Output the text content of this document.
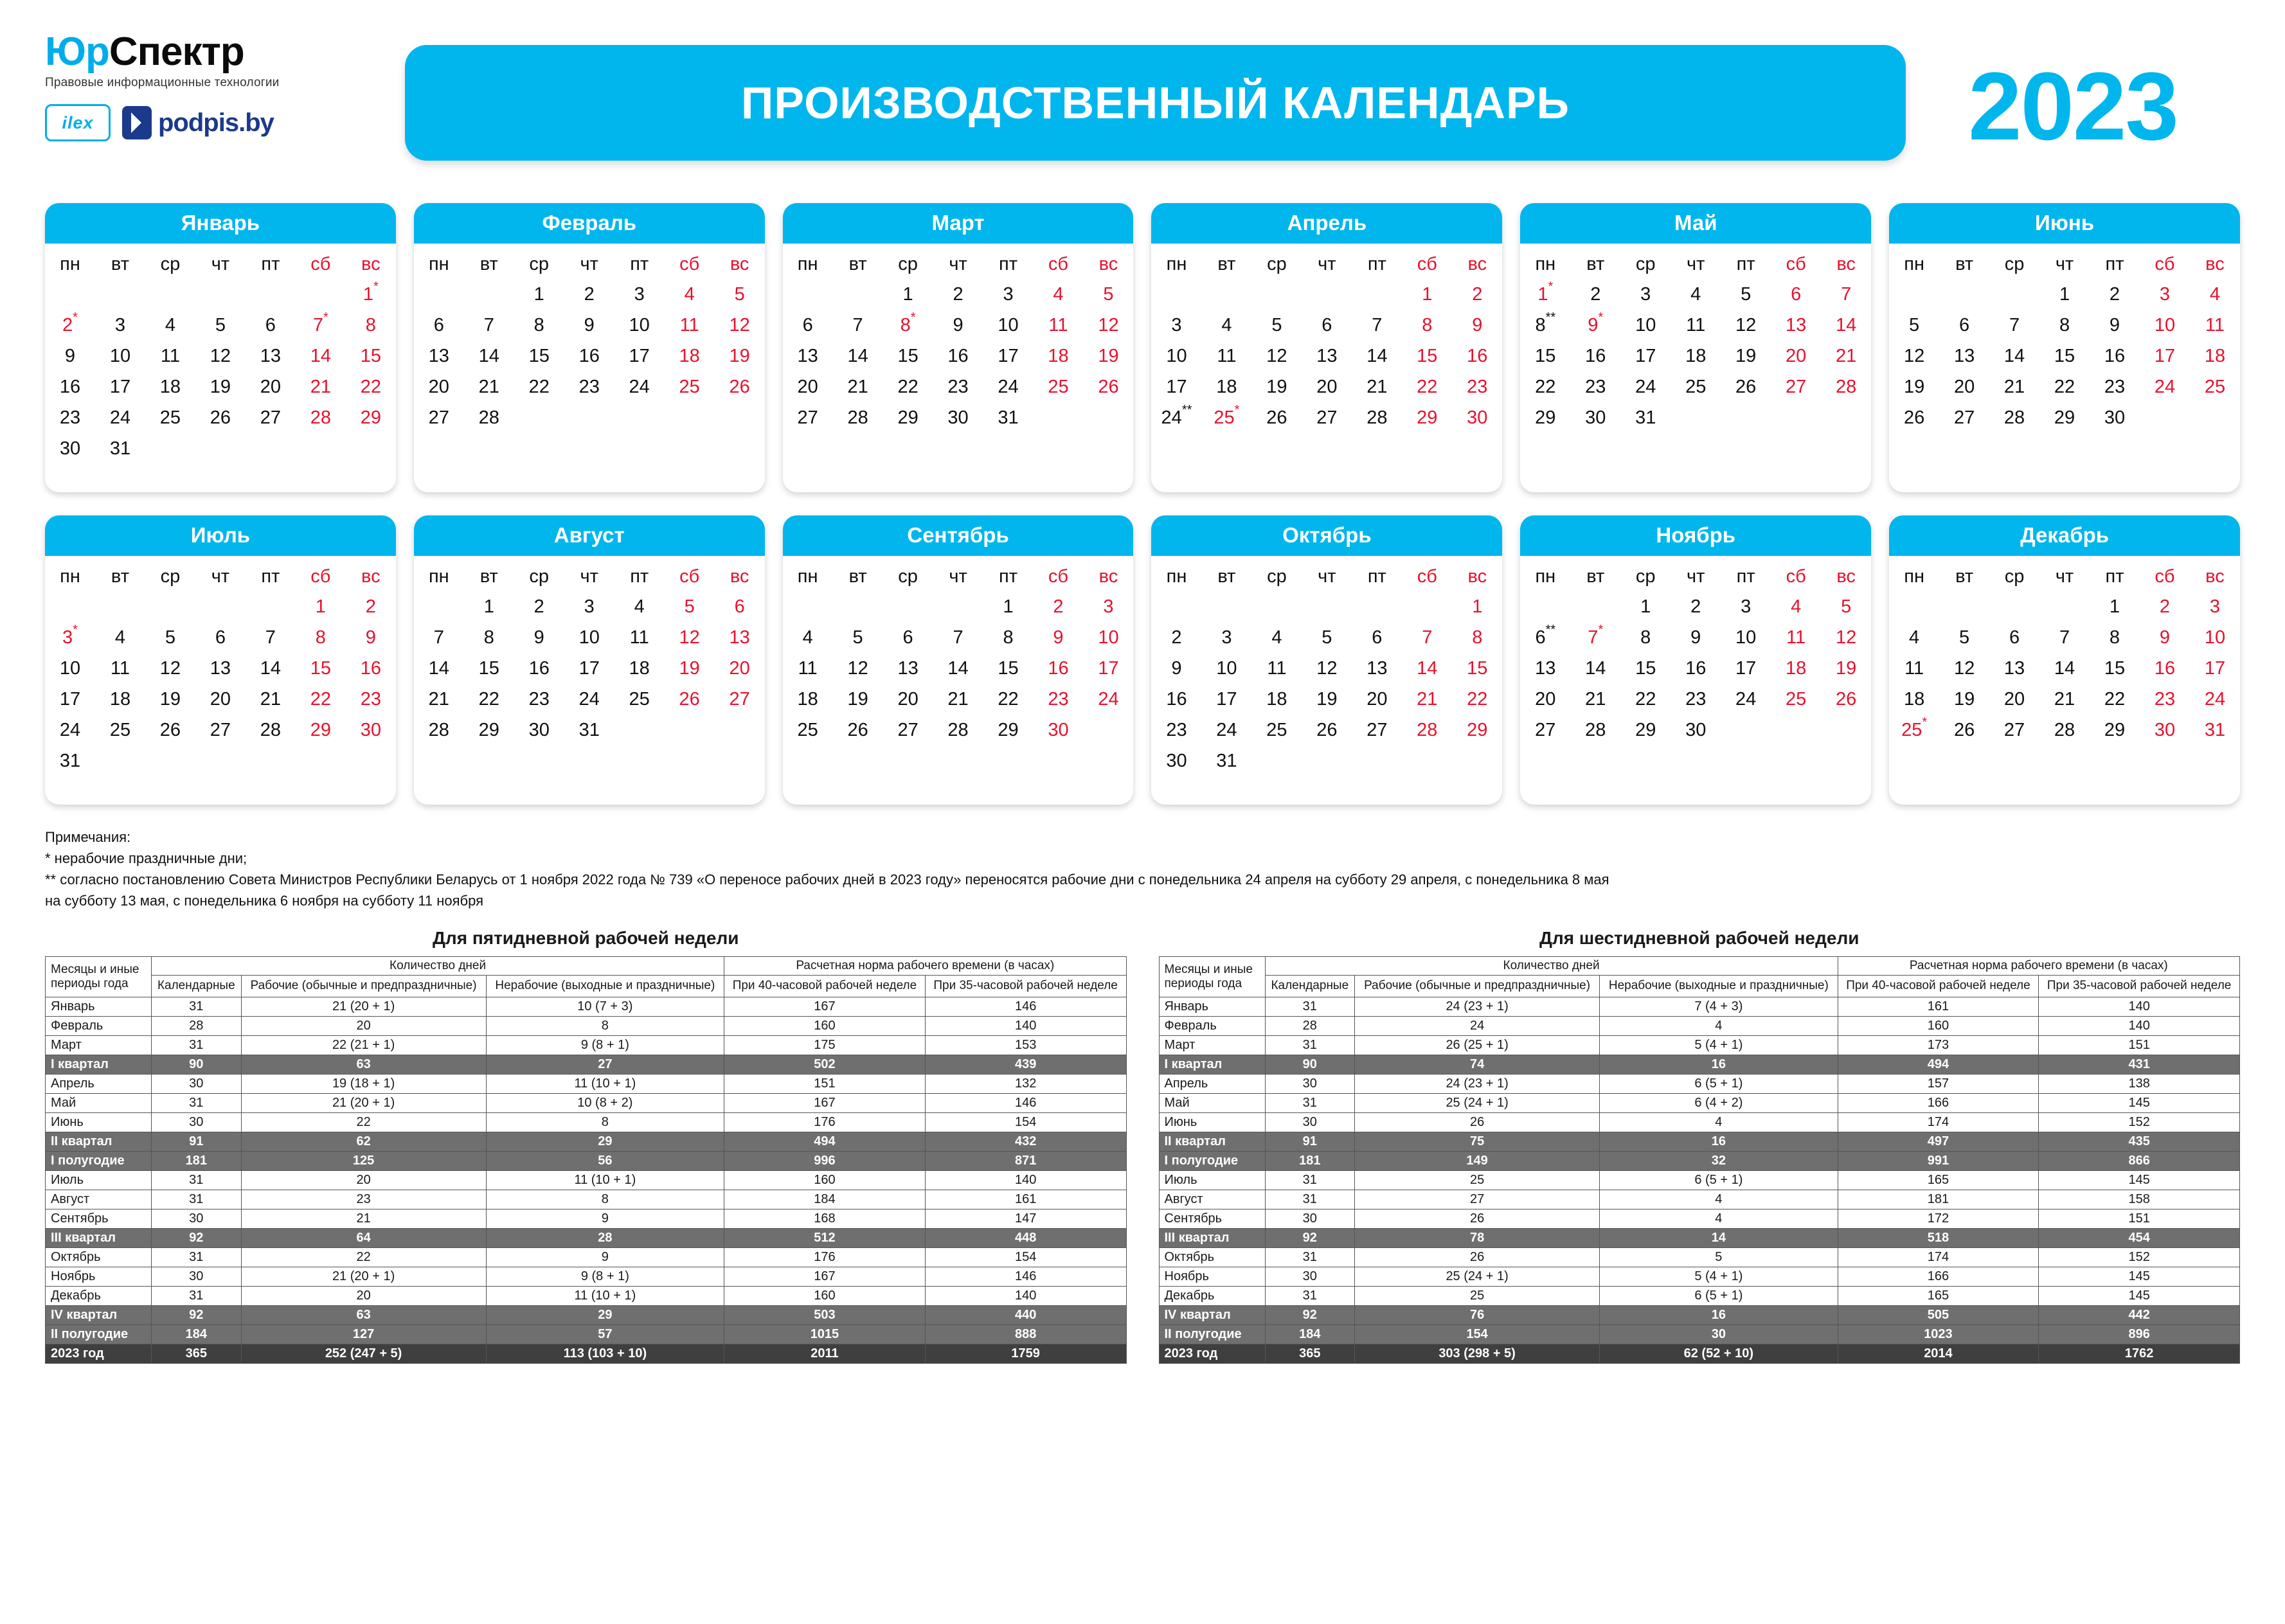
ЮрСпектр
Правовые информационные технологии
ilex	podpis.by	ПРОИЗВОДСТВЕННЫЙ КАЛЕНДАРЬ	2023
Январь
пн	вт	ср	чт	пт	сб	вс
						1*
2*	3	4	5	6	7*	8
9	10	11	12	13	14	15
16	17	18	19	20	21	22
23	24	25	26	27	28	29
30	31					
Февраль
пн	вт	ср	чт	пт	сб	вс
		1	2	3	4	5
6	7	8	9	10	11	12
13	14	15	16	17	18	19
20	21	22	23	24	25	26
27	28					
Март
пн	вт	ср	чт	пт	сб	вс
		1	2	3	4	5
6	7	8*	9	10	11	12
13	14	15	16	17	18	19
20	21	22	23	24	25	26
27	28	29	30	31		
Апрель
пн	вт	ср	чт	пт	сб	вс
					1	2
3	4	5	6	7	8	9
10	11	12	13	14	15	16
17	18	19	20	21	22	23
24**	25*	26	27	28	29	30
Май
пн	вт	ср	чт	пт	сб	вс
1*	2	3	4	5	6	7
8**	9*	10	11	12	13	14
15	16	17	18	19	20	21
22	23	24	25	26	27	28
29	30	31				
Июнь
пн	вт	ср	чт	пт	сб	вс
			1	2	3	4
5	6	7	8	9	10	11
12	13	14	15	16	17	18
19	20	21	22	23	24	25
26	27	28	29	30		
Июль
пн	вт	ср	чт	пт	сб	вс
					1	2
3*	4	5	6	7	8	9
10	11	12	13	14	15	16
17	18	19	20	21	22	23
24	25	26	27	28	29	30
31						
Август
пн	вт	ср	чт	пт	сб	вс
	1	2	3	4	5	6
7	8	9	10	11	12	13
14	15	16	17	18	19	20
21	22	23	24	25	26	27
28	29	30	31			
Сентябрь
пн	вт	ср	чт	пт	сб	вс
				1	2	3
4	5	6	7	8	9	10
11	12	13	14	15	16	17
18	19	20	21	22	23	24
25	26	27	28	29	30	
Октябрь
пн	вт	ср	чт	пт	сб	вс
						1
2	3	4	5	6	7	8
9	10	11	12	13	14	15
16	17	18	19	20	21	22
23	24	25	26	27	28	29
30	31					
Ноябрь
пн	вт	ср	чт	пт	сб	вс
		1	2	3	4	5
6**	7*	8	9	10	11	12
13	14	15	16	17	18	19
20	21	22	23	24	25	26
27	28	29	30			
Декабрь
пн	вт	ср	чт	пт	сб	вс
				1	2	3
4	5	6	7	8	9	10
11	12	13	14	15	16	17
18	19	20	21	22	23	24
25*	26	27	28	29	30	31
Примечания:
* нерабочие праздничные дни;
** согласно постановлению Совета Министров Республики Беларусь от 1 ноября 2022 года № 739 «О переносе рабочих дней в 2023 году» переносятся рабочие дни с понедельника 24 апреля на субботу 29 апреля, с понедельника 8 мая
на субботу 13 мая, с понедельника 6 ноября на субботу 11 ноября
Для пятидневной рабочей недели
Месяцы и иные периоды года	Количество дней			Расчетная норма рабочего времени (в часах)	
	Календарные	Рабочие (обычные и предпраздничные)	Нерабочие (выходные и праздничные)	При 40-часовой рабочей неделе	При 35-часовой рабочей неделе
Январь	31	21 (20 + 1)	10 (7 + 3)	167	146
Февраль	28	20	8	160	140
Март	31	22 (21 + 1)	9 (8 + 1)	175	153
I квартал	90	63	27	502	439
Апрель	30	19 (18 + 1)	11 (10 + 1)	151	132
Май	31	21 (20 + 1)	10 (8 + 2)	167	146
Июнь	30	22	8	176	154
II квартал	91	62	29	494	432
I полугодие	181	125	56	996	871
Июль	31	20	11 (10 + 1)	160	140
Август	31	23	8	184	161
Сентябрь	30	21	9	168	147
III квартал	92	64	28	512	448
Октябрь	31	22	9	176	154
Ноябрь	30	21 (20 + 1)	9 (8 + 1)	167	146
Декабрь	31	20	11 (10 + 1)	160	140
IV квартал	92	63	29	503	440
II полугодие	184	127	57	1015	888
2023 год	365	252 (247 + 5)	113 (103 + 10)	2011	1759
Для шестидневной рабочей недели
Месяцы и иные периоды года	Количество дней			Расчетная норма рабочего времени (в часах)	
	Календарные	Рабочие (обычные и предпраздничные)	Нерабочие (выходные и праздничные)	При 40-часовой рабочей неделе	При 35-часовой рабочей неделе
Январь	31	24 (23 + 1)	7 (4 + 3)	161	140
Февраль	28	24	4	160	140
Март	31	26 (25 + 1)	5 (4 + 1)	173	151
I квартал	90	74	16	494	431
Апрель	30	24 (23 + 1)	6 (5 + 1)	157	138
Май	31	25 (24 + 1)	6 (4 + 2)	166	145
Июнь	30	26	4	174	152
II квартал	91	75	16	497	435
I полугодие	181	149	32	991	866
Июль	31	25	6 (5 + 1)	165	145
Август	31	27	4	181	158
Сентябрь	30	26	4	172	151
III квартал	92	78	14	518	454
Октябрь	31	26	5	174	152
Ноябрь	30	25 (24 + 1)	5 (4 + 1)	166	145
Декабрь	31	25	6 (5 + 1)	165	145
IV квартал	92	76	16	505	442
II полугодие	184	154	30	1023	896
2023 год	365	303 (298 + 5)	62 (52 + 10)	2014	1762
